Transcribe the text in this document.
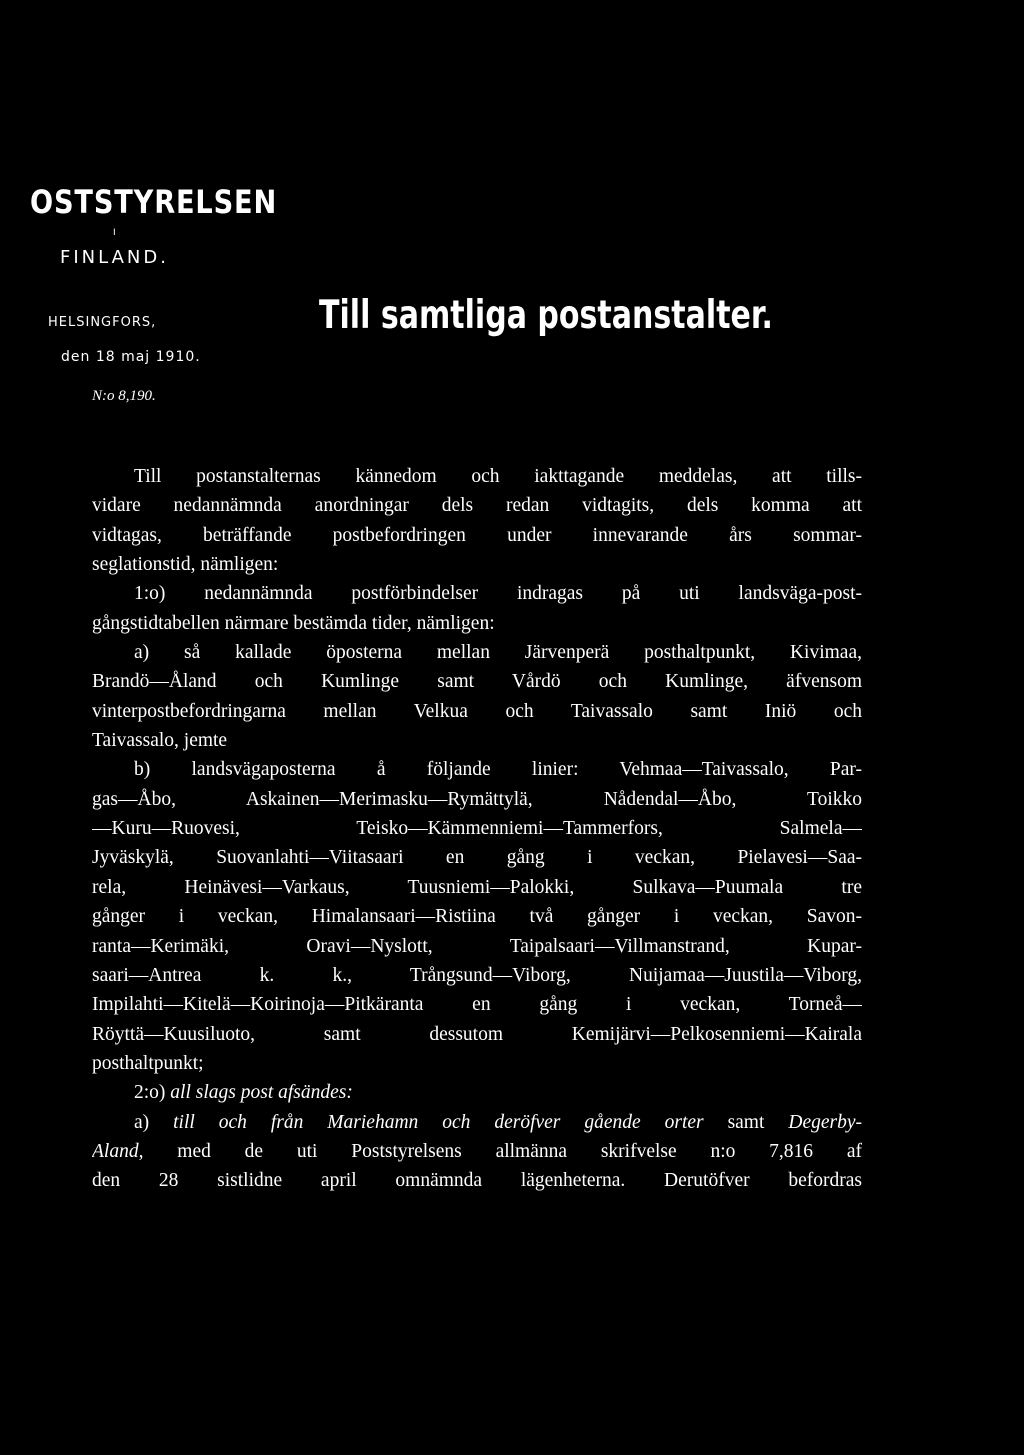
OSTSTYRELSEN
I
FINLAND.
HELSINGFORS,
den 18 maj 1910.
N:o 8,190.
Till samtliga postanstalter.
Till postanstalternas kännedom och iakttagande meddelas, att tills-
vidare nedannämnda anordningar dels redan vidtagits, dels komma att
vidtagas, beträffande postbefordringen under innevarande års sommar-
seglationstid, nämligen:
1:o) nedannämnda postförbindelser indragas på uti landsväga-post-
gångstidtabellen närmare bestämda tider, nämligen:
a) så kallade öposterna mellan Järvenperä posthaltpunkt, Kivimaa,
Brandö—Åland och Kumlinge samt Vårdö och Kumlinge, äfvensom
vinterpostbefordringarna mellan Velkua och Taivassalo samt Iniö och
Taivassalo, jemte
b) landsvägaposterna å följande linier: Vehmaa—Taivassalo, Par-
gas—Åbo, Askainen—Merimasku—Rymättylä, Nådendal—Åbo, Toikko
—Kuru—Ruovesi, Teisko—Kämmenniemi—Tammerfors, Salmela—
Jyväskylä, Suovanlahti—Viitasaari en gång i veckan, Pielavesi—Saa-
rela, Heinävesi—Varkaus, Tuusniemi—Palokki, Sulkava—Puumala tre
gånger i veckan, Himalansaari—Ristiina två gånger i veckan, Savon-
ranta—Kerimäki, Oravi—Nyslott, Taipalsaari—Villmanstrand, Kupar-
saari—Antrea k. k., Trångsund—Viborg, Nuijamaa—Juustila—Viborg,
Impilahti—Kitelä—Koirinoja—Pitkäranta en gång i veckan, Torneå—
Röyttä—Kuusiluoto, samt dessutom Kemijärvi—Pelkosenniemi—Kairala
posthaltpunkt;
2:o) all slags post afsändes:
a) till och från Mariehamn och deröfver gående orter samt Degerby-
Aland, med de uti Poststyrelsens allmänna skrifvelse n:o 7,816 af
den 28 sistlidne april omnämnda lägenheterna. Derutöfver befordras
